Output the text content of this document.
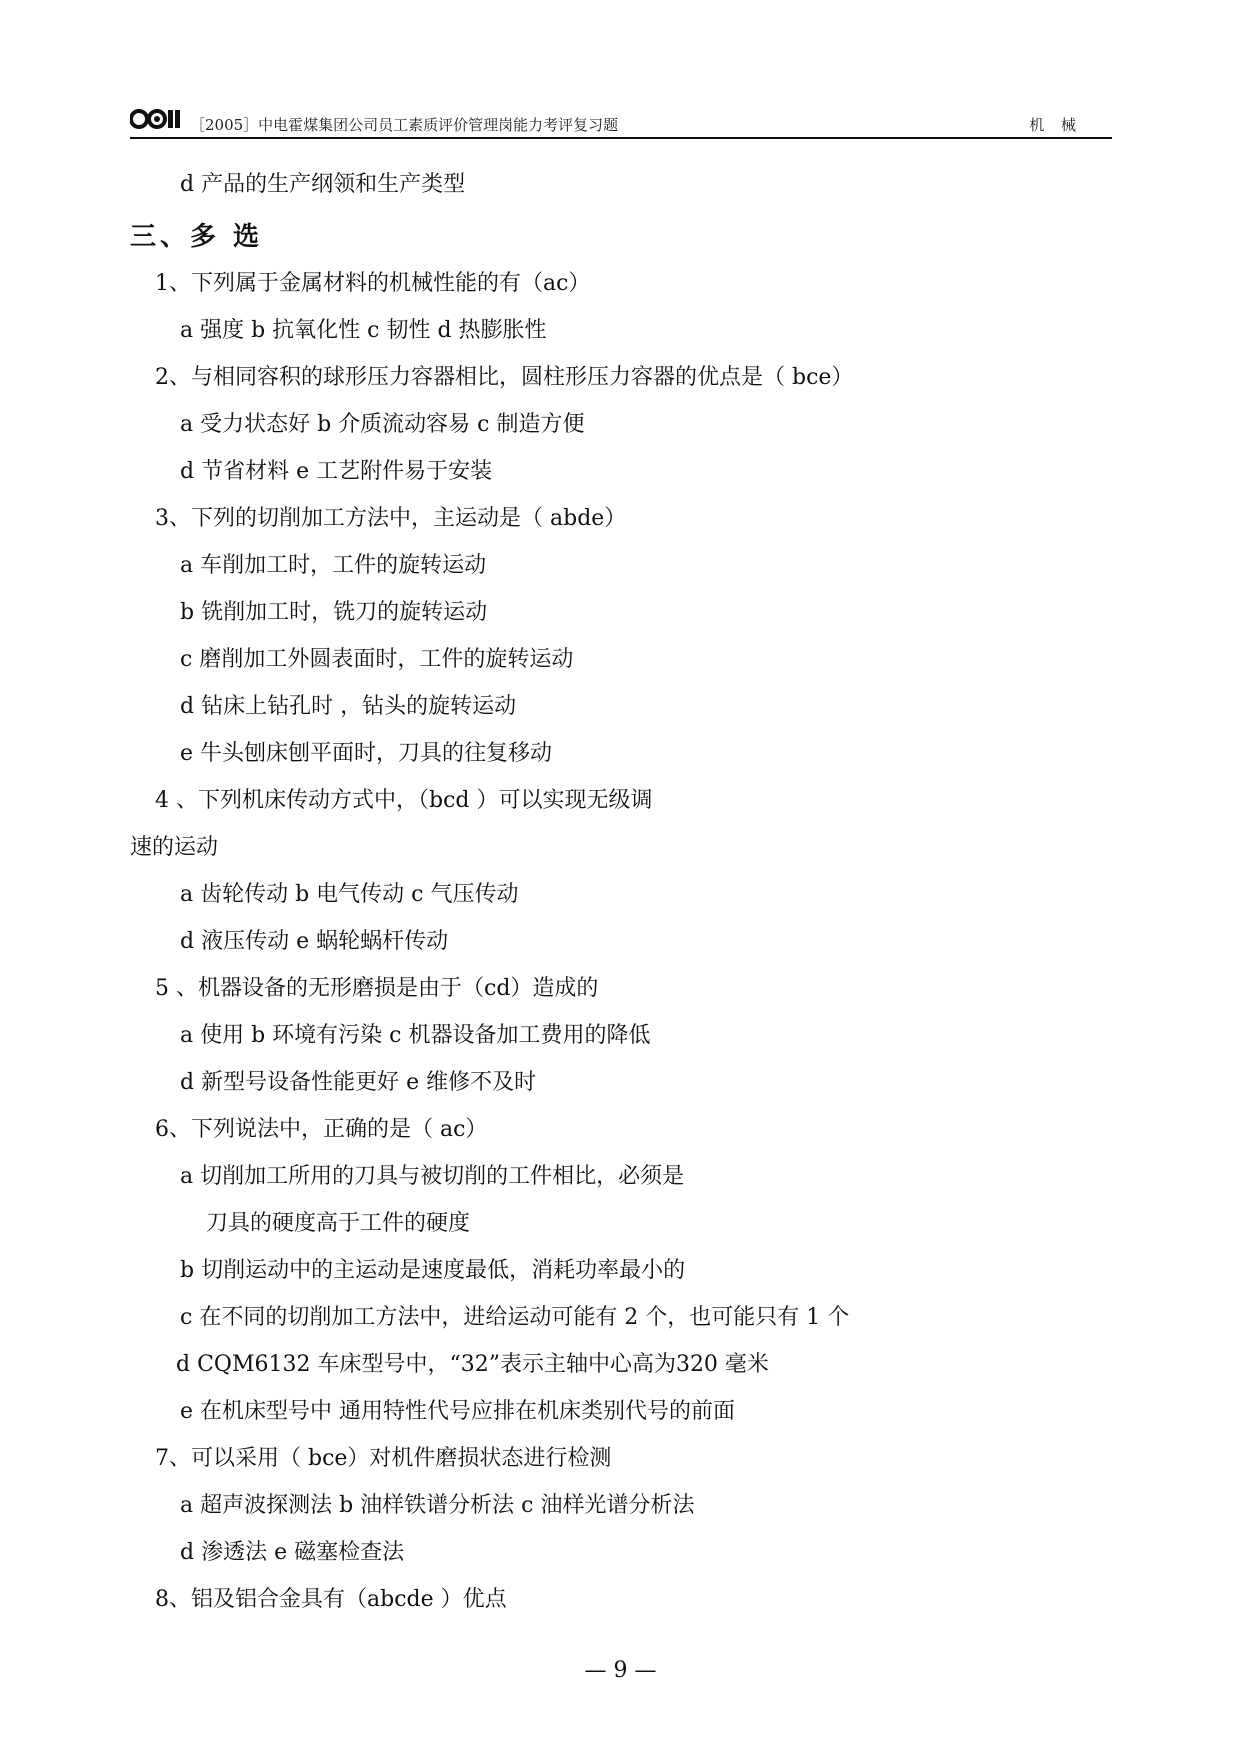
［2005］中电霍煤集团公司员工素质评价管理岗能力考评复习题	机 械
d 产品的生产纲领和生产类型
三、多 选
1、下列属于金属材料的机械性能的有（ac）
a 强度 b 抗氧化性 c 韧性 d 热膨胀性
2、与相同容积的球形压力容器相比，圆柱形压力容器的优点是（ bce）
a 受力状态好 b 介质流动容易 c 制造方便
d 节省材料 e 工艺附件易于安装
3、下列的切削加工方法中，主运动是（ abde）
a 车削加工时，工件的旋转运动
b 铣削加工时，铣刀的旋转运动
c 磨削加工外圆表面时，工件的旋转运动
d 钻床上钻孔时 ，钻头的旋转运动
e 牛头刨床刨平面时，刀具的往复移动
4 、下列机床传动方式中，（bcd ）可以实现无级调
速的运动
a 齿轮传动 b 电气传动 c 气压传动
d 液压传动 e 蜗轮蜗杆传动
5 、机器设备的无形磨损是由于（cd）造成的
a 使用 b 环境有污染 c 机器设备加工费用的降低
d 新型号设备性能更好 e 维修不及时
6、下列说法中，正确的是（ ac）
a 切削加工所用的刀具与被切削的工件相比，必须是
刀具的硬度高于工件的硬度
b 切削运动中的主运动是速度最低，消耗功率最小的
c 在不同的切削加工方法中，进给运动可能有 2 个，也可能只有 1 个
d CQM6132 车床型号中，“32”表示主轴中心高为320 毫米
e 在机床型号中 通用特性代号应排在机床类别代号的前面
7、可以采用（ bce）对机件磨损状态进行检测
a 超声波探测法 b 油样铁谱分析法 c 油样光谱分析法
d 渗透法 e 磁塞检查法
8、铝及铝合金具有（abcde ）优点
— 9 —
